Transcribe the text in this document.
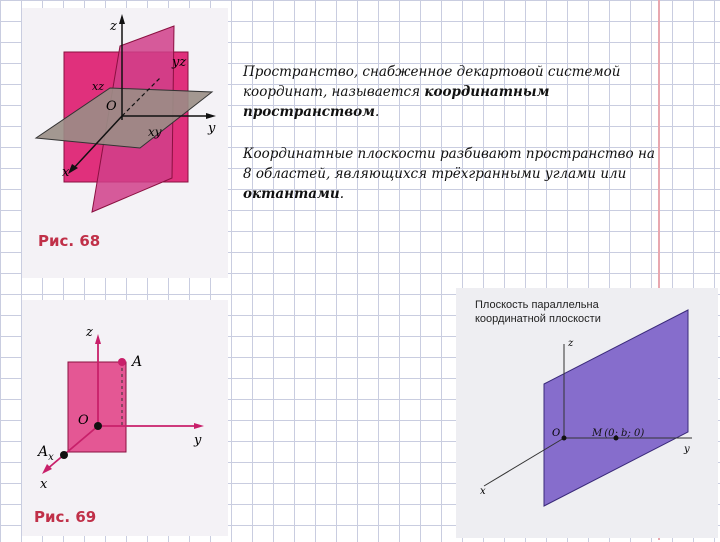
z
y
x
O
yz
xz
xy
Рис. 68

Пространство, снабженное декартовой системой координат, называется координатным пространством.

Координатные плоскости разбивают пространство на 8 областей, являющихся трёхгранными углами или октантами.

z
y
x
O
A
$A_x$
Рис. 69
z
y
x
O	M (0; b; 0)
Плоскость параллельна координатной плоскости
